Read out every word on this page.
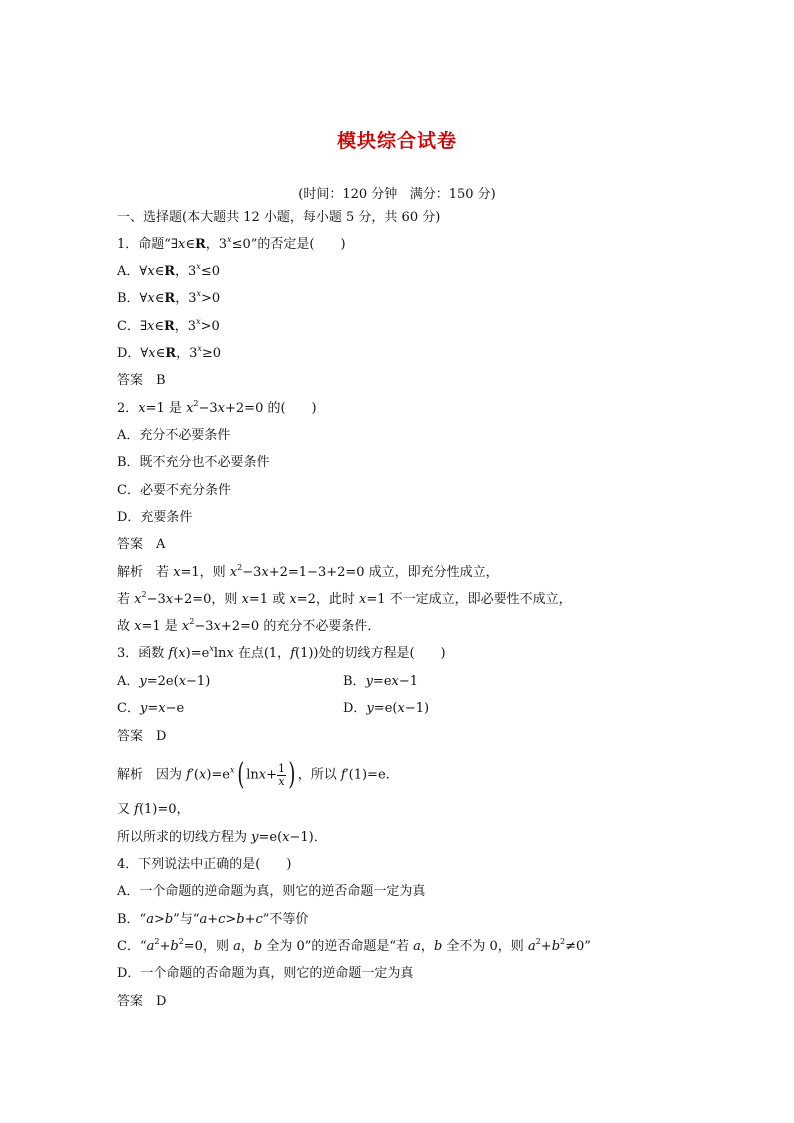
模块综合试卷
(时间：120 分钟   满分：150 分)
一、选择题(本大题共 12 小题，每小题 5 分，共 60 分)
1．命题“∃x∈R，$3^x\le 0$”的否定是(　　)
A．∀x∈R，$3^x\le 0$
B．∀x∈R，$3^x>0$
C．∃x∈R，$3^x>0$
D．∀x∈R，$3^x\ge 0$
答案　B
2．x=1 是 $x^2-3x+2=0$ 的(　　)
A．充分不必要条件
B．既不充分也不必要条件
C．必要不充分条件
D．充要条件
答案　A
解析　若 x=1，则 $x^2-3x+2=1-3+2=0$ 成立，即充分性成立，
若 $x^2-3x+2=0$，则 x=1 或 x=2，此时 x=1 不一定成立，即必要性不成立，
故 x=1 是 $x^2-3x+2=0$ 的充分不必要条件．
3．函数 $f(x)=e^x\ln x$ 在点(1，f(1))处的切线方程是(　　)
A．y=2e(x−1)	B．y=ex−1
C．y=x−e	D．y=e(x−1)
答案　D
解析　因为 $f'(x)=e^x$( $\ln x+ \frac{1}{x}$ ) ，所以 f′(1)=e.
又 f(1)=0，
所以所求的切线方程为 y=e(x−1)．
4．下列说法中正确的是(　　)
A．一个命题的逆命题为真，则它的逆否命题一定为真
B．“a>b”与“a+c>b+c”不等价
C．“$a^2+b^2=0$，则 a，b 全为 0”的逆否命题是“若 a，b 全不为 0，则 $a^2+b^2\ne 0$”
D．一个命题的否命题为真，则它的逆命题一定为真
答案　D
